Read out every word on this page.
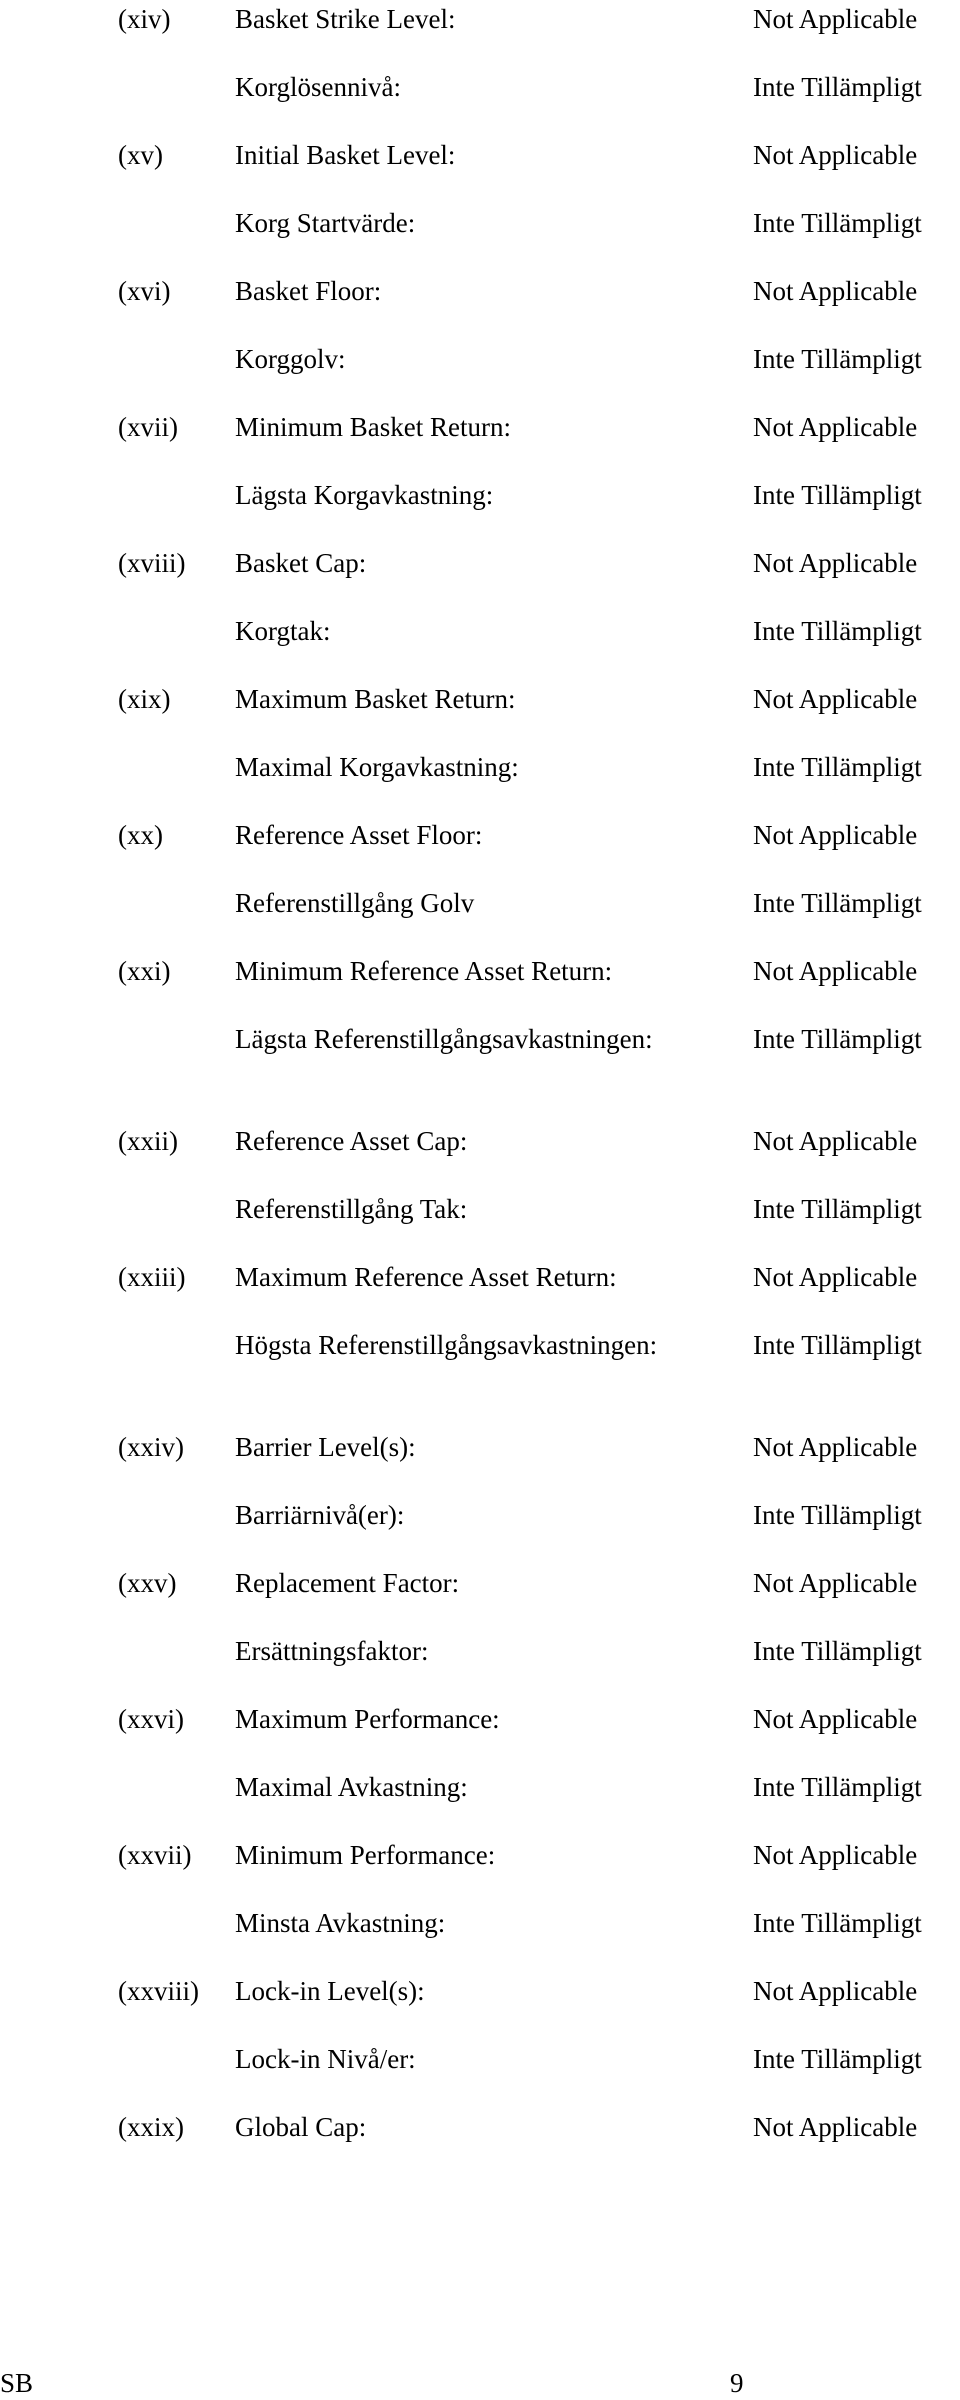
(xiv) Basket Strike Level:	Not Applicable
Korglösennivå:	Inte Tillämpligt
(xv)	Initial Basket Level:	Not Applicable
Korg Startvärde:	Inte Tillämpligt
(xvi) Basket Floor:	Not Applicable
Korggolv:	Inte Tillämpligt
(xvii) Minimum Basket Return:	Not Applicable
Lägsta Korgavkastning:	Inte Tillämpligt
(xviii) Basket Cap:	Not Applicable
Korgtak:	Inte Tillämpligt
(xix) Maximum Basket Return:	Not Applicable
Maximal Korgavkastning:	Inte Tillämpligt
(xx)	Reference Asset Floor:	Not Applicable
Referenstillgång Golv	Inte Tillämpligt
(xxi) Minimum Reference Asset Return:	Not Applicable
Lägsta Referenstillgångsavkastningen:	Inte Tillämpligt
(xxii) Reference Asset Cap:	Not Applicable
Referenstillgång Tak:	Inte Tillämpligt
(xxiii) Maximum Reference Asset Return:	Not Applicable
Högsta Referenstillgångsavkastningen:	Inte Tillämpligt
(xxiv) Barrier Level(s):	Not Applicable
Barriärnivå(er):	Inte Tillämpligt
(xxv) Replacement Factor:	Not Applicable
Ersättningsfaktor:	Inte Tillämpligt
(xxvi) Maximum Performance:	Not Applicable
Maximal Avkastning:	Inte Tillämpligt
(xxvii) Minimum Performance:	Not Applicable
Minsta Avkastning:	Inte Tillämpligt
(xxviii) Lock-in Level(s):	Not Applicable
Lock-in Nivå/er:	Inte Tillämpligt
(xxix) Global Cap:	Not Applicable
SB	9
